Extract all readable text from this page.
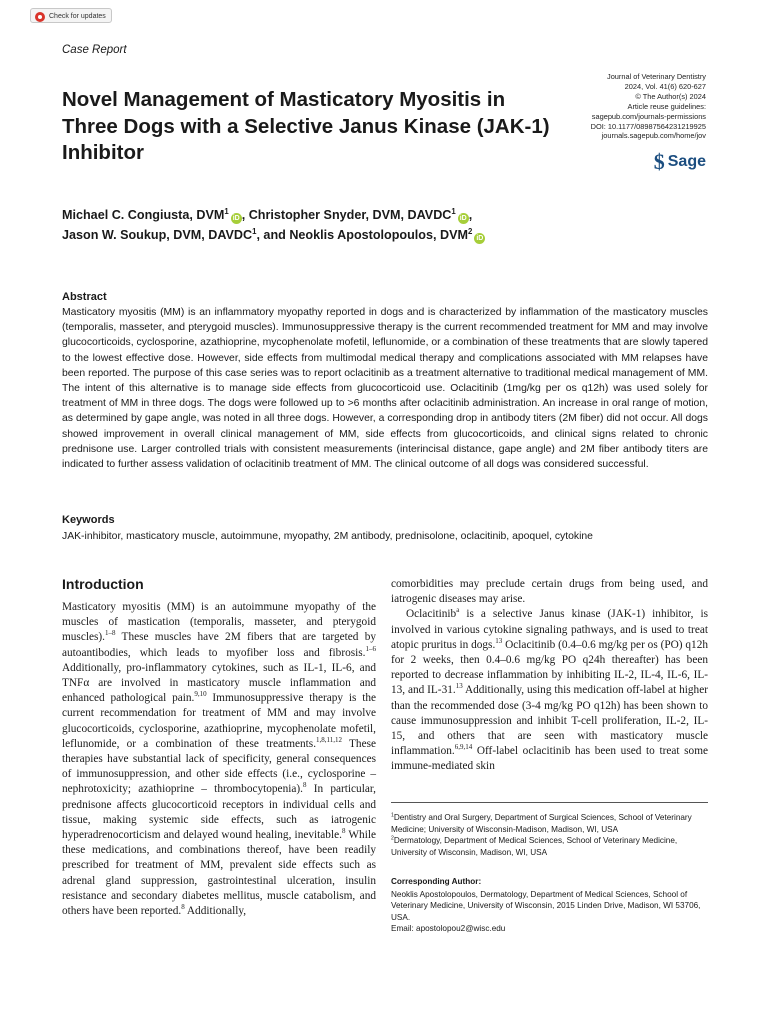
Check for updates
Case Report
Novel Management of Masticatory Myositis in Three Dogs with a Selective Janus Kinase (JAK-1) Inhibitor
Journal of Veterinary Dentistry
2024, Vol. 41(6) 620-627
© The Author(s) 2024
Article reuse guidelines:
sagepub.com/journals-permissions
DOI: 10.1177/08987564231219925
journals.sagepub.com/home/jov
$ Sage
Michael C. Congiusta, DVM$^1$iD , Christopher Snyder, DVM, DAVDC$^1$iD ,
Jason W. Soukup, DVM, DAVDC$^1$, and Neoklis Apostolopoulos, DVM$^2$iD
Abstract

Masticatory myositis (MM) is an inflammatory myopathy reported in dogs and is characterized by inflammation of the masticatory muscles (temporalis, masseter, and pterygoid muscles). Immunosuppressive therapy is the current recommended treatment for MM and may involve glucocorticoids, cyclosporine, azathioprine, mycophenolate mofetil, leflunomide, or a combination of these treatments that are slowly tapered to the lowest effective dose. However, side effects from multimodal medical therapy and complications associated with MM relapses have been reported. The purpose of this case series was to report oclacitinib as a treatment alternative to traditional medical management of MM. The intent of this alternative is to manage side effects from glucocorticoid use. Oclacitinib (1mg/kg per os q12h) was used solely for treatment of MM in three dogs. The dogs were followed up to >6 months after oclacitinib administration. An increase in oral range of motion, as determined by gape angle, was noted in all three dogs. However, a corresponding drop in antibody titers (2M fiber) did not occur. All dogs showed improvement in overall clinical management of MM, side effects from glucocorticoids, and clinical signs related to chronic prednisone use. Larger controlled trials with consistent measurements (interincisal distance, gape angle) and 2M fiber antibody titers are indicated to further assess validation of oclacitinib treatment of MM. The clinical outcome of all dogs was considered successful.

Keywords
JAK-inhibitor, masticatory muscle, autoimmune, myopathy, 2M antibody, prednisolone, oclacitinib, apoquel, cytokine
Introduction

Masticatory myositis (MM) is an autoimmune myopathy of the muscles of mastication (temporalis, masseter, and pterygoid muscles).$^{1-8}$ These muscles have 2M fibers that are targeted by autoantibodies, which leads to myofiber loss and fibrosis.$^{1-6}$ Additionally, pro-inflammatory cytokines, such as IL-1, IL-6, and TNFα are involved in masticatory muscle inflammation and enhanced pathological pain.$^{9,10}$ Immunosuppressive therapy is the current recommendation for treatment of MM and may involve glucocorticoids, cyclosporine, azathioprine, mycophenolate mofetil, leflunomide, or a combination of these treatments.$^{1,8,11,12}$ These therapies have substantial lack of specificity, general consequences of immunosuppression, and other side effects (i.e., cyclosporine – nephrotoxicity; azathioprine – thrombocytopenia).$^8$ In particular, prednisone affects glucocorticoid receptors in individual cells and tissue, making systemic side effects, such as iatrogenic hyperadrenocorticism and delayed wound healing, inevitable.$^8$ While these medications, and combinations thereof, have been readily prescribed for treatment of MM, prevalent side effects such as adrenal gland suppression, gastrointestinal ulceration, insulin resistance and secondary diabetes mellitus, muscle catabolism, and others have been reported.$^8$ Additionally,

comorbidities may preclude certain drugs from being used, and iatrogenic diseases may arise.

Oclacitinib$^a$ is a selective Janus kinase (JAK-1) inhibitor, is involved in various cytokine signaling pathways, and is used to treat atopic pruritus in dogs.$^{13}$ Oclacitinib (0.4–0.6 mg/kg per os (PO) q12h for 2 weeks, then 0.4–0.6 mg/kg PO q24h thereafter) has been reported to decrease inflammation by inhibiting IL-2, IL-4, IL-6, IL-13, and IL-31.13 Additionally, using this medication off-label at higher than the recommended dose (3-4 mg/kg PO q12h) has been shown to cause immunosuppression and inhibit T-cell proliferation, IL-2, IL-15, and others that are seen with masticatory muscle inflammation.$^{6,9,14}$ Off-label oclacitinib has been used to treat some immune-mediated skin

$^1$Dentistry and Oral Surgery, Department of Surgical Sciences, School of Veterinary Medicine; University of Wisconsin-Madison, Madison, WI, USA
$^2$Dermatology, Department of Medical Sciences, School of Veterinary Medicine, University of Wisconsin, Madison, WI, USA
Corresponding Author:
Neoklis Apostolopoulos, Dermatology, Department of Medical Sciences, School of Veterinary Medicine, University of Wisconsin, 2015 Linden Drive, Madison, WI 53706, USA.
Email: apostolopou2@wisc.edu
